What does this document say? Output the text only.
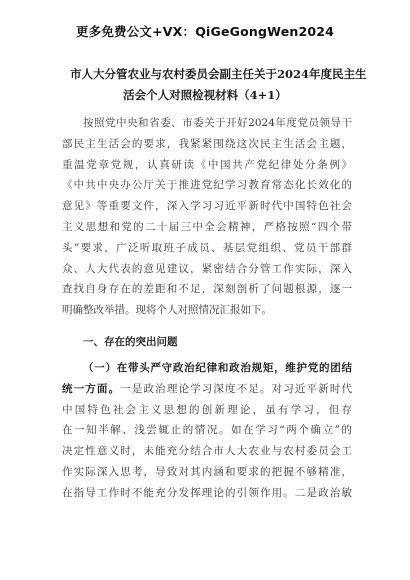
更多免费公文+VX：QiGeGongWen2024
市人大分管农业与农村委员会副主任关于2024年度民主生
活会个人对照检视材料（4+1）
按照党中央和省委、市委关于开好2024年度党员领导干
部民主生活会的要求，我紧紧围绕这次民主生活会主题，
重温党章党规，认真研读《中国共产党纪律处分条例》
《中共中央办公厅关于推进党纪学习教育常态化长效化的
意见》等重要文件，深入学习习近平新时代中国特色社会
主义思想和党的二十届三中全会精神，严格按照“四个带
头”要求，广泛听取班子成员、基层党组织、党员干部群
众、人大代表的意见建议，紧密结合分管工作实际，深入
查找自身存在的差距和不足，深刻剖析了问题根源，逐一
明确整改举措。现将个人对照情况汇报如下。
一、存在的突出问题
（一）在带头严守政治纪律和政治规矩，维护党的团结
统一方面。一是政治理论学习深度不足。对习近平新时代
中国特色社会主义思想的创新理论，虽有学习，但存
在一知半解、浅尝辄止的情况。如在学习“两个确立”的
决定性意义时，未能充分结合市人大农业与农村委员会工
作实际深入思考，导致对其内涵和要求的把握不够精准，
在指导工作时不能充分发挥理论的引领作用。二是政治敏
